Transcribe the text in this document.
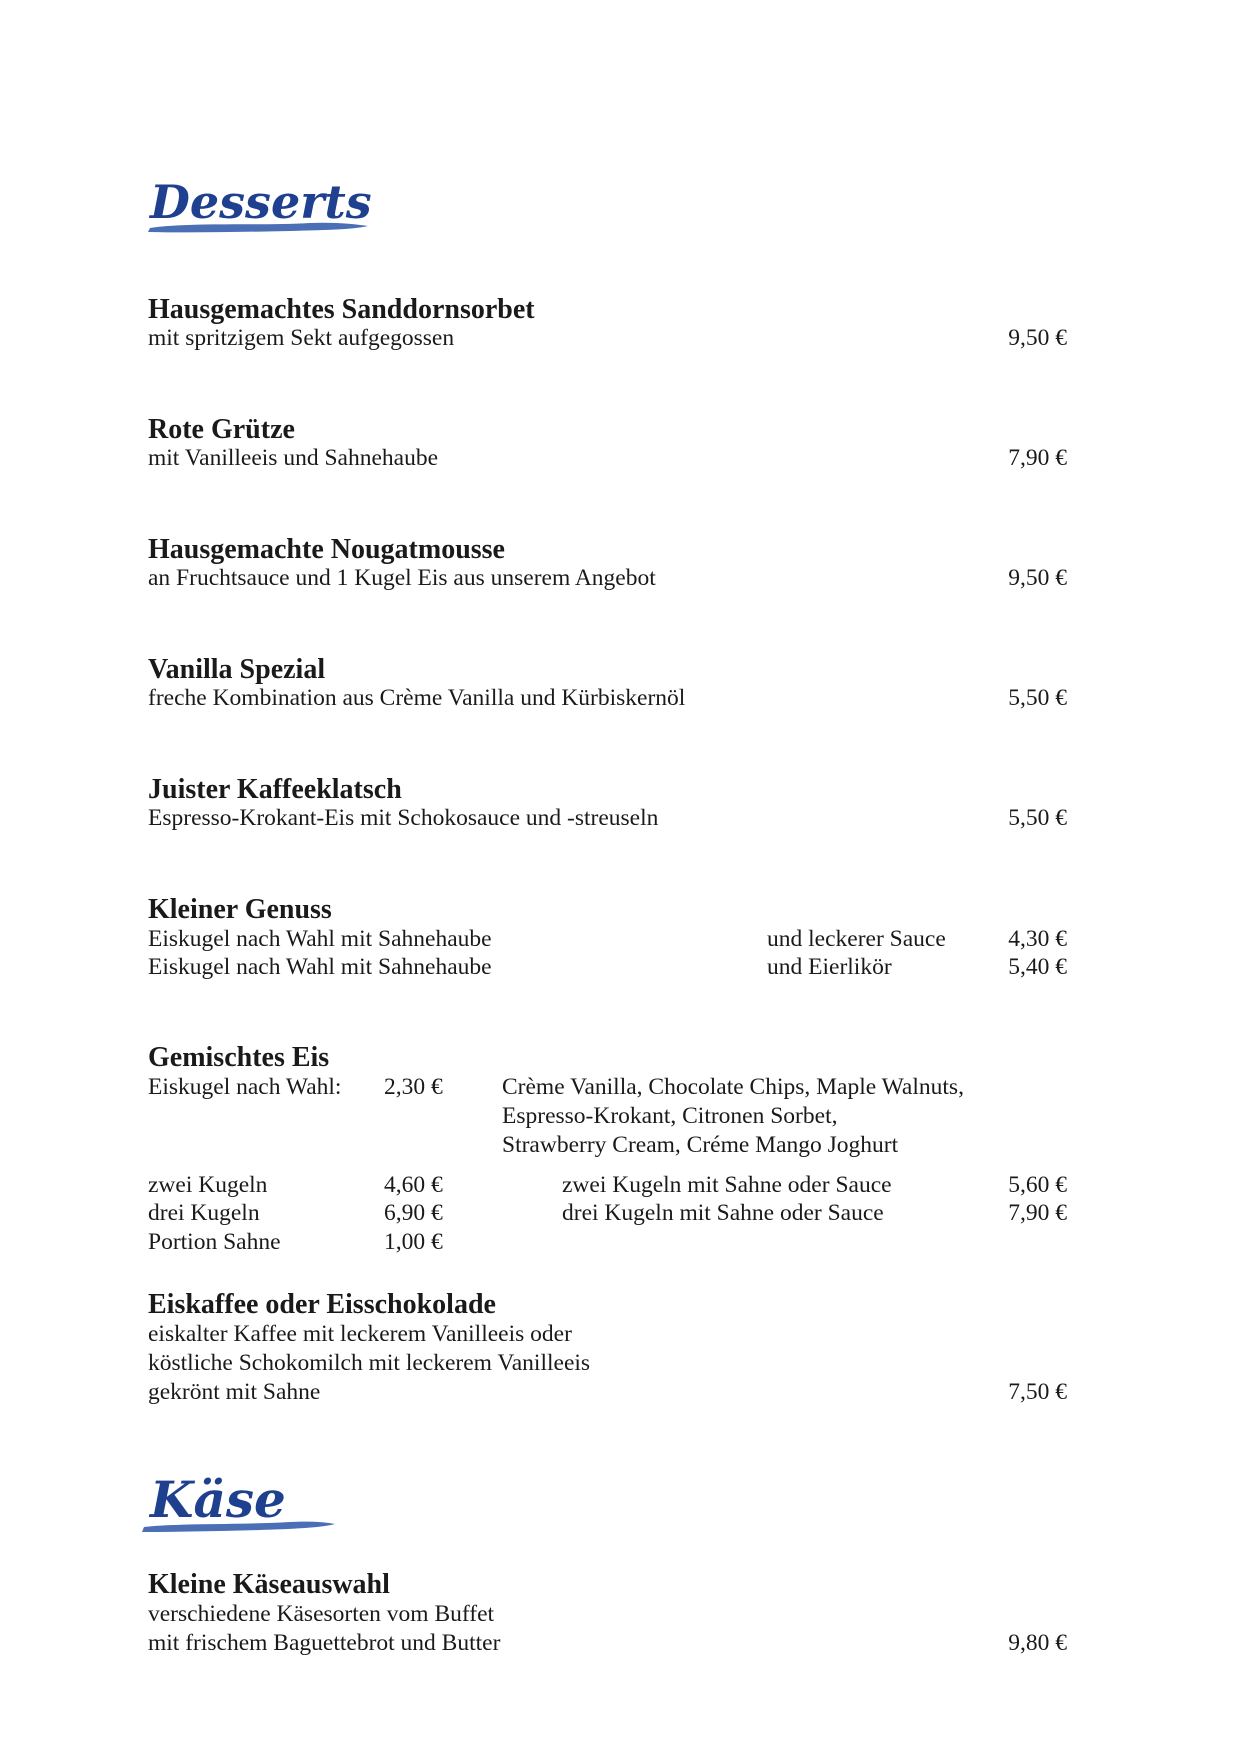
Desserts
Hausgemachtes Sanddornsorbet
mit spritzigem Sekt aufgegossen	9,50 €
Rote Grütze
mit Vanilleeis und Sahnehaube	7,90 €
Hausgemachte Nougatmousse
an Fruchtsauce und 1 Kugel Eis aus unserem Angebot	9,50 €
Vanilla Spezial
freche Kombination aus Crème Vanilla und Kürbiskernöl	5,50 €
Juister Kaffeeklatsch
Espresso-Krokant-Eis mit Schokosauce und -streuseln	5,50 €
Kleiner Genuss
Eiskugel nach Wahl mit Sahnehaube	und leckerer Sauce	4,30 €
Eiskugel nach Wahl mit Sahnehaube	und Eierlikör	5,40 €
Gemischtes Eis
Eiskugel nach Wahl: 2,30 €	Crème Vanilla, Chocolate Chips, Maple Walnuts,
Espresso-Krokant, Citronen Sorbet,
Strawberry Cream, Créme Mango Joghurt
zwei Kugeln	4,60 €
drei Kugeln	6,90 €
Portion Sahne	1,00 €
zwei Kugeln mit Sahne oder Sauce	5,60 €
drei Kugeln mit Sahne oder Sauce	7,90 €
Eiskaffee oder Eisschokolade
eiskalter Kaffee mit leckerem Vanilleeis oder
köstliche Schokomilch mit leckerem Vanilleeis
gekrönt mit Sahne	7,50 €
Käse
Kleine Käseauswahl
verschiedene Käsesorten vom Buffet
mit frischem Baguettebrot und Butter	9,80 €
